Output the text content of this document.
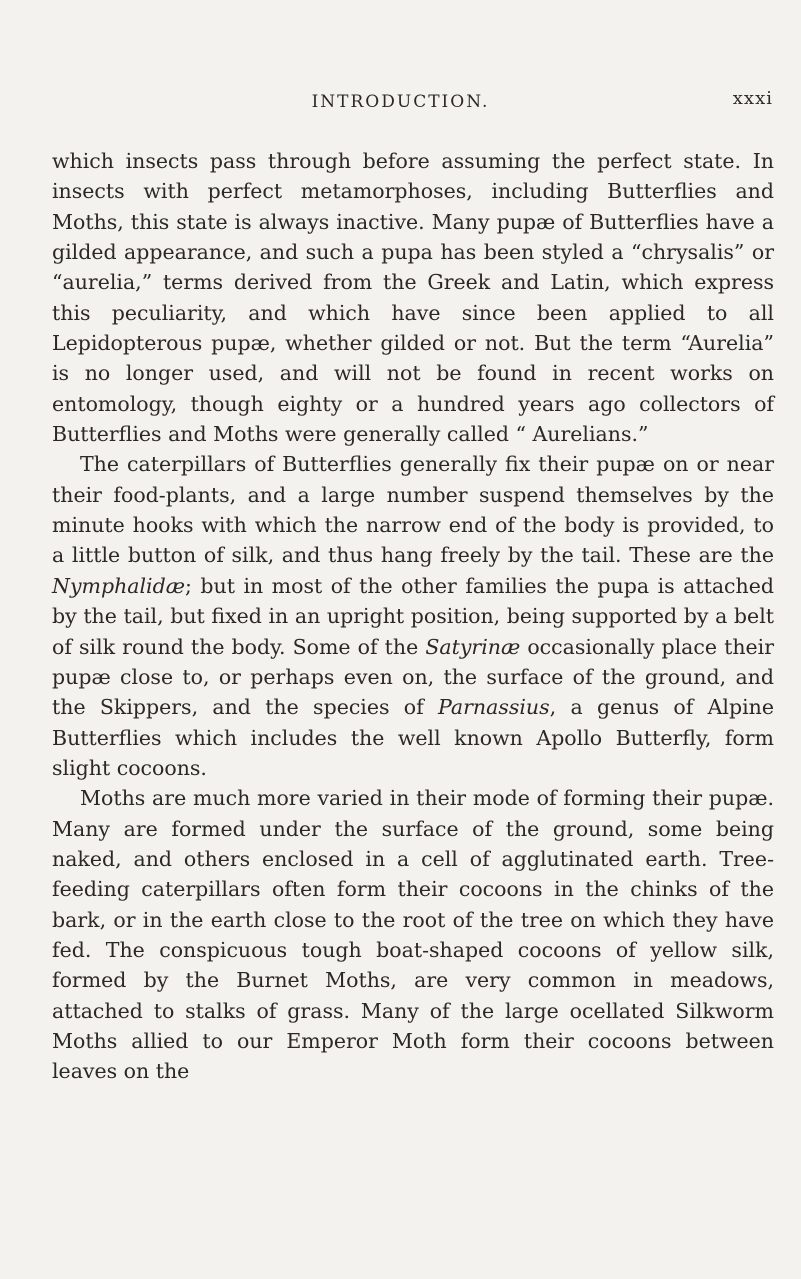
INTRODUCTION.	xxxi

which insects pass through before assuming the perfect state. In insects with perfect metamorphoses, including Butterflies and Moths, this state is always inactive. Many pupæ of Butterflies have a gilded appearance, and such a pupa has been styled a “chrysalis” or “aurelia,” terms derived from the Greek and Latin, which express this peculiarity, and which have since been applied to all Lepidopterous pupæ, whether gilded or not. But the term “Aurelia” is no longer used, and will not be found in recent works on entomology, though eighty or a hundred years ago collectors of Butterflies and Moths were generally called “ Aurelians.”

The caterpillars of Butterflies generally fix their pupæ on or near their food-plants, and a large number suspend themselves by the minute hooks with which the narrow end of the body is provided, to a little button of silk, and thus hang freely by the tail. These are the Nymphalidæ; but in most of the other families the pupa is attached by the tail, but fixed in an upright position, being supported by a belt of silk round the body. Some of the Satyrinæ occasionally place their pupæ close to, or perhaps even on, the surface of the ground, and the Skippers, and the species of Parnassius, a genus of Alpine Butterflies which includes the well known Apollo Butterfly, form slight cocoons.

Moths are much more varied in their mode of forming their pupæ. Many are formed under the surface of the ground, some being naked, and others enclosed in a cell of agglutinated earth. Tree-feeding caterpillars often form their cocoons in the chinks of the bark, or in the earth close to the root of the tree on which they have fed. The conspicuous tough boat-shaped cocoons of yellow silk, formed by the Burnet Moths, are very common in meadows, attached to stalks of grass. Many of the large ocellated Silkworm Moths allied to our Emperor Moth form their cocoons between leaves on the
